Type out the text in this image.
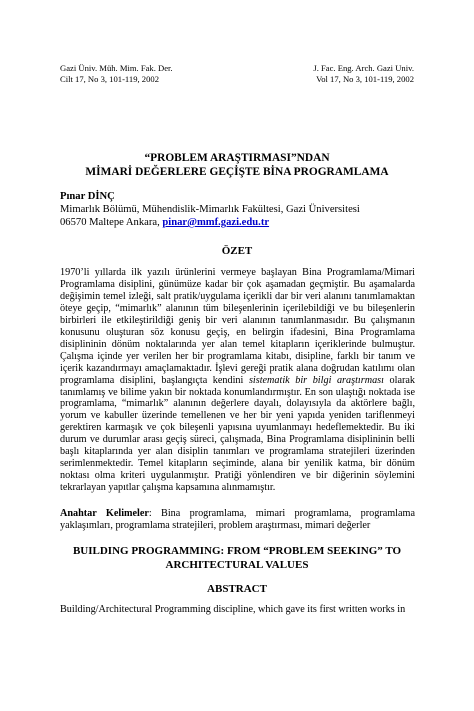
Gazi Üniv. Müh. Mim. Fak. Der.
Cilt 17, No 3, 101-119, 2002
J. Fac. Eng. Arch. Gazi Univ.
Vol 17, No 3, 101-119, 2002
“PROBLEM ARAŞTIRMASI”NDAN
MİMARİ DEĞERLERE GEÇİŞTE BİNA PROGRAMLAMA
Pınar DİNÇ
Mimarlık Bölümü, Mühendislik-Mimarlık Fakültesi, Gazi Üniversitesi
06570 Maltepe Ankara, pinar@mmf.gazi.edu.tr
ÖZET
1970’li yıllarda ilk yazılı ürünlerini vermeye başlayan Bina Programlama/Mimari Programlama disiplini, günümüze kadar bir çok aşamadan geçmiştir. Bu aşamalarda değişimin temel izleği, salt pratik/uygulama içerikli dar bir veri alanını tanımlamaktan öteye geçip, “mimarlık” alanının tüm bileşenlerinin içerilebildiği ve bu bileşenlerin birbirleri ile etkileştirildiği geniş bir veri alanının tanımlanmasıdır. Bu çalışmanın konusunu oluşturan söz konusu geçiş, en belirgin ifadesini, Bina Programlama disiplininin dönüm noktalarında yer alan temel kitapların içeriklerinde bulmuştur. Çalışma içinde yer verilen her bir programlama kitabı, disipline, farklı bir tanım ve içerik kazandırmayı amaçlamaktadır. İşlevi gereği pratik alana doğrudan katılımı olan programlama disiplini, başlangıçta kendini sistematik bir bilgi araştırması olarak tanımlamış ve bilime yakın bir noktada konumlandırmıştır. En son ulaştığı noktada ise programlama, “mimarlık” alanının değerlere dayalı, dolayısıyla da aktörlere bağlı, yorum ve kabuller üzerinde temellenen ve her bir yeni yapıda yeniden tariflenmeyi gerektiren karmaşık ve çok bileşenli yapısına uyumlanmayı hedeflemektedir. Bu iki durum ve durumlar arası geçiş süreci, çalışmada, Bina Programlama disiplininin belli başlı kitaplarında yer alan disiplin tanımları ve programlama stratejileri üzerinden serimlenmektedir. Temel kitapların seçiminde, alana bir yenilik katma, bir dönüm noktası olma kriteri uygulanmıştır. Pratiği yönlendiren ve bir diğerinin söylemini tekrarlayan yapıtlar çalışma kapsamına alınmamıştır.
Anahtar Kelimeler: Bina programlama, mimari programlama, programlama yaklaşımları, programlama stratejileri, problem araştırması, mimari değerler
BUILDING PROGRAMMING: FROM “PROBLEM SEEKING” TO
ARCHITECTURAL VALUES
ABSTRACT
Building/Architectural Programming discipline, which gave its first written works in
